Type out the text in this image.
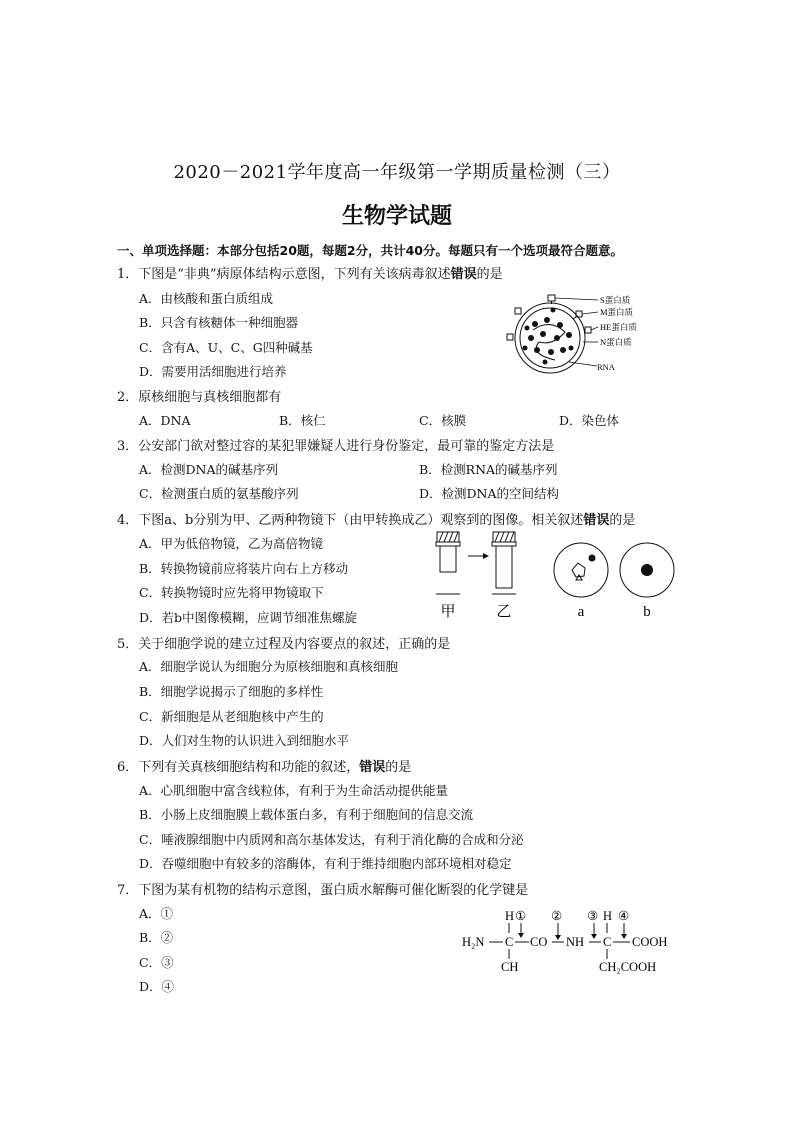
2020－2021学年度高一年级第一学期质量检测（三）
生物学试题
一、单项选择题：本部分包括20题，每题2分，共计40分。每题只有一个选项最符合题意。
1．下图是“非典”病原体结构示意图，下列有关该病毒叙述错误的是
A．由核酸和蛋白质组成
B．只含有核糖体一种细胞器
C．含有A、U、C、G四种碱基
D．需要用活细胞进行培养
S蛋白质
M蛋白质
HE蛋白质
N蛋白质
RNA
2．原核细胞与真核细胞都有
A．DNA	B．核仁	C．核膜	D．染色体
3．公安部门欲对整过容的某犯罪嫌疑人进行身份鉴定，最可靠的鉴定方法是
A．检测DNA的碱基序列	B．检测RNA的碱基序列
C．检测蛋白质的氨基酸序列	D．检测DNA的空间结构
4．下图a、b分别为甲、乙两种物镜下（由甲转换成乙）观察到的图像。相关叙述错误的是
A．甲为低倍物镜，乙为高倍物镜
B．转换物镜前应将装片向右上方移动
C．转换物镜时应先将甲物镜取下
D．若b中图像模糊，应调节细准焦螺旋	甲	乙	a	b
5．关于细胞学说的建立过程及内容要点的叙述，正确的是
A．细胞学说认为细胞分为原核细胞和真核细胞
B．细胞学说揭示了细胞的多样性
C．新细胞是从老细胞核中产生的
D．人们对生物的认识进入到细胞水平
6．下列有关真核细胞结构和功能的叙述，错误的是
A．心肌细胞中富含线粒体，有利于为生命活动提供能量
B．小肠上皮细胞膜上载体蛋白多，有利于细胞间的信息交流
C．唾液腺细胞中内质网和高尔基体发达，有利于消化酶的合成和分泌
D．吞噬细胞中有较多的溶酶体，有利于维持细胞内部环境相对稳定
7．下图为某有机物的结构示意图，蛋白质水解酶可催化断裂的化学键是
A．①
B．②
C．③
D．④
H ① ② ③ H ④
H₂N C CO NH C COOH
CH	CH₂COOH
